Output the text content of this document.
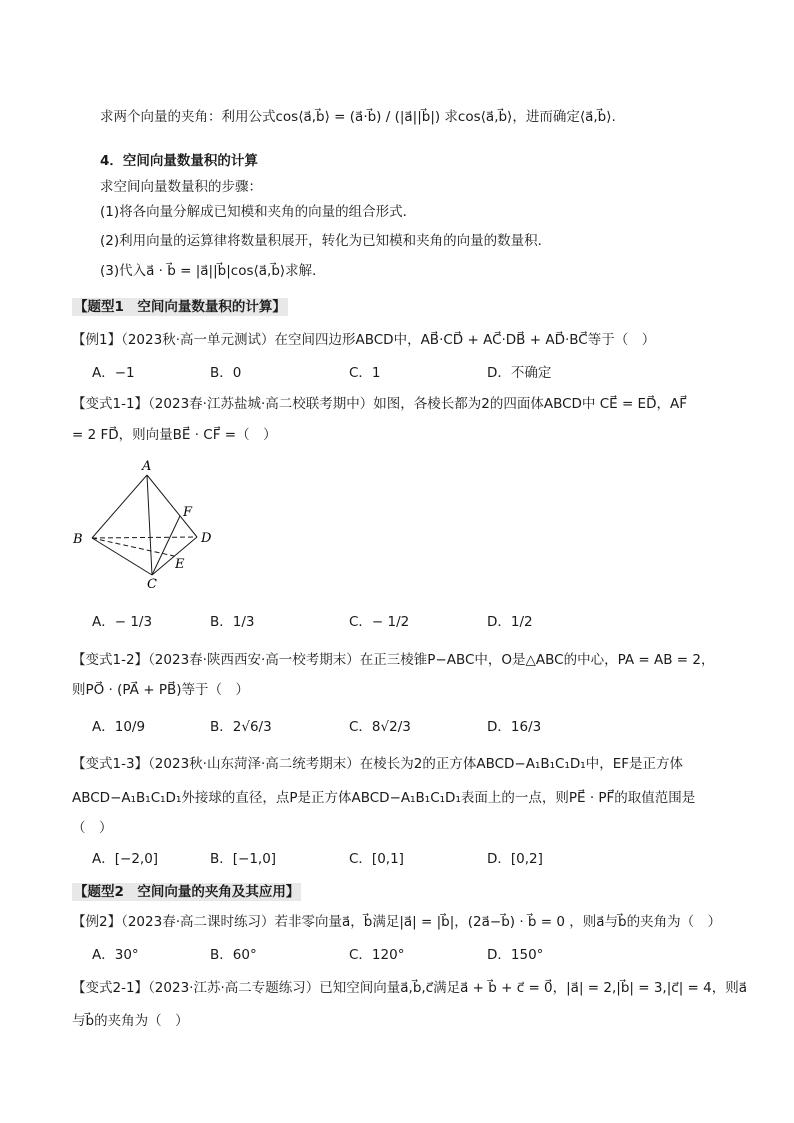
求两个向量的夹角：利用公式cos⟨a⃗,b⃗⟩ = (a⃗·b⃗) / (|a⃗||b⃗|) 求cos⟨a⃗,b⃗⟩，进而确定⟨a⃗,b⃗⟩.
4．空间向量数量积的计算
求空间向量数量积的步骤：
(1)将各向量分解成已知模和夹角的向量的组合形式．
(2)利用向量的运算律将数量积展开，转化为已知模和夹角的向量的数量积．
(3)代入a⃗ · b⃗ = |a⃗||b⃗|cos⟨a⃗,b⃗⟩求解．
【题型1　空间向量数量积的计算】
【例1】（2023秋·高一单元测试）在空间四边形ABCD中，AB⃗·CD⃗ + AC⃗·DB⃗ + AD⃗·BC⃗等于（　）
A．−1	B．0	C．1	D．不确定
【变式1-1】（2023春·江苏盐城·高二校联考期中）如图，各棱长都为2的四面体ABCD中 CE⃗ = ED⃗，AF⃗
= 2 FD⃗，则向量BE⃗ · CF⃗ =（　）
A
B
C
D
E
F
A．− 1/3	B．1/3	C．− 1/2	D．1/2
【变式1-2】（2023春·陕西西安·高一校考期末）在正三棱锥P−ABC中，O是△ABC的中心，PA = AB = 2，
则PO⃗ · (PA⃗ + PB⃗)等于（　）
A．10/9	B．2√6/3	C．8√2/3	D．16/3
【变式1-3】（2023秋·山东菏泽·高二统考期末）在棱长为2的正方体ABCD−A₁B₁C₁D₁中，EF是正方体
ABCD−A₁B₁C₁D₁外接球的直径，点P是正方体ABCD−A₁B₁C₁D₁表面上的一点，则PE⃗ · PF⃗的取值范围是
（　）
A．[−2,0]	B．[−1,0]	C．[0,1]	D．[0,2]
【题型2　空间向量的夹角及其应用】
【例2】（2023春·高二课时练习）若非零向量a⃗，b⃗满足|a⃗| = |b⃗|，(2a⃗−b⃗) · b⃗ = 0 ，则a⃗与b⃗的夹角为（　）
A．30°	B．60°	C．120°	D．150°
【变式2-1】（2023·江苏·高二专题练习）已知空间向量a⃗,b⃗,c⃗满足a⃗ + b⃗ + c⃗ = 0⃗，|a⃗| = 2,|b⃗| = 3,|c⃗| = 4，则a⃗
与b⃗的夹角为（　）
